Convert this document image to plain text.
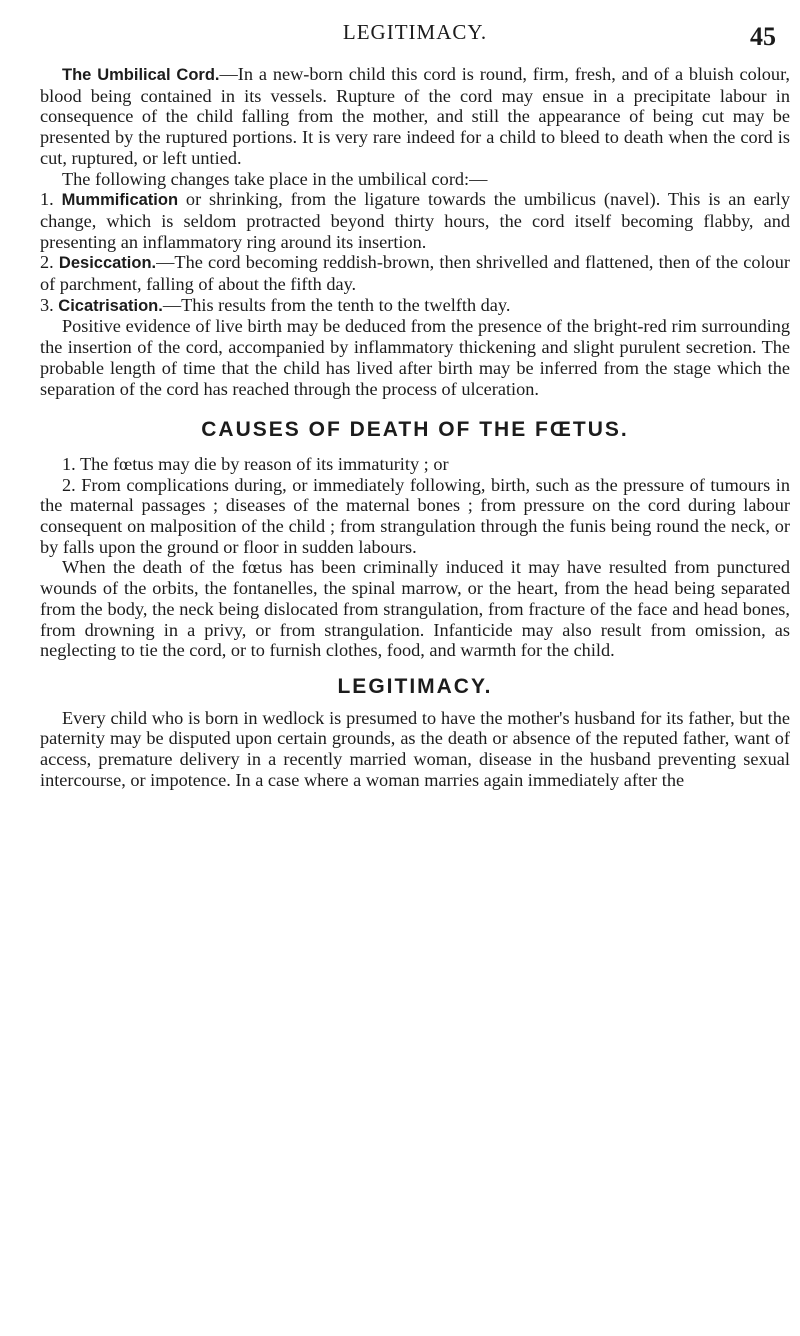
LEGITIMACY.	45

The Umbilical Cord.—In a new-born child this cord is round, firm, fresh, and of a bluish colour, blood being contained in its vessels. Rupture of the cord may ensue in a precipitate labour in consequence of the child falling from the mother, and still the appearance of being cut may be presented by the ruptured portions. It is very rare indeed for a child to bleed to death when the cord is cut, ruptured, or left untied.

The following changes take place in the umbilical cord:—

1. Mummification or shrinking, from the ligature towards the umbilicus (navel). This is an early change, which is seldom protracted beyond thirty hours, the cord itself becoming flabby, and presenting an inflammatory ring around its insertion.

2. Desiccation.—The cord becoming reddish-brown, then shrivelled and flattened, then of the colour of parchment, falling of about the fifth day.

3. Cicatrisation.—This results from the tenth to the twelfth day.

Positive evidence of live birth may be deduced from the presence of the bright-red rim surrounding the insertion of the cord, accompanied by inflammatory thickening and slight purulent secretion. The probable length of time that the child has lived after birth may be inferred from the stage which the separation of the cord has reached through the process of ulceration.

CAUSES OF DEATH OF THE FŒTUS.

1. The fœtus may die by reason of its immaturity ; or

2. From complications during, or immediately following, birth, such as the pressure of tumours in the maternal passages ; diseases of the maternal bones ; from pressure on the cord during labour consequent on malposition of the child ; from strangulation through the funis being round the neck, or by falls upon the ground or floor in sudden labours.

When the death of the fœtus has been criminally induced it may have resulted from punctured wounds of the orbits, the fontanelles, the spinal marrow, or the heart, from the head being separated from the body, the neck being dislocated from strangulation, from fracture of the face and head bones, from drowning in a privy, or from strangulation. Infanticide may also result from omission, as neglecting to tie the cord, or to furnish clothes, food, and warmth for the child.

LEGITIMACY.

Every child who is born in wedlock is presumed to have the mother's husband for its father, but the paternity may be disputed upon certain grounds, as the death or absence of the reputed father, want of access, premature delivery in a recently married woman, disease in the husband preventing sexual intercourse, or impotence. In a case where a woman marries again immediately after the
